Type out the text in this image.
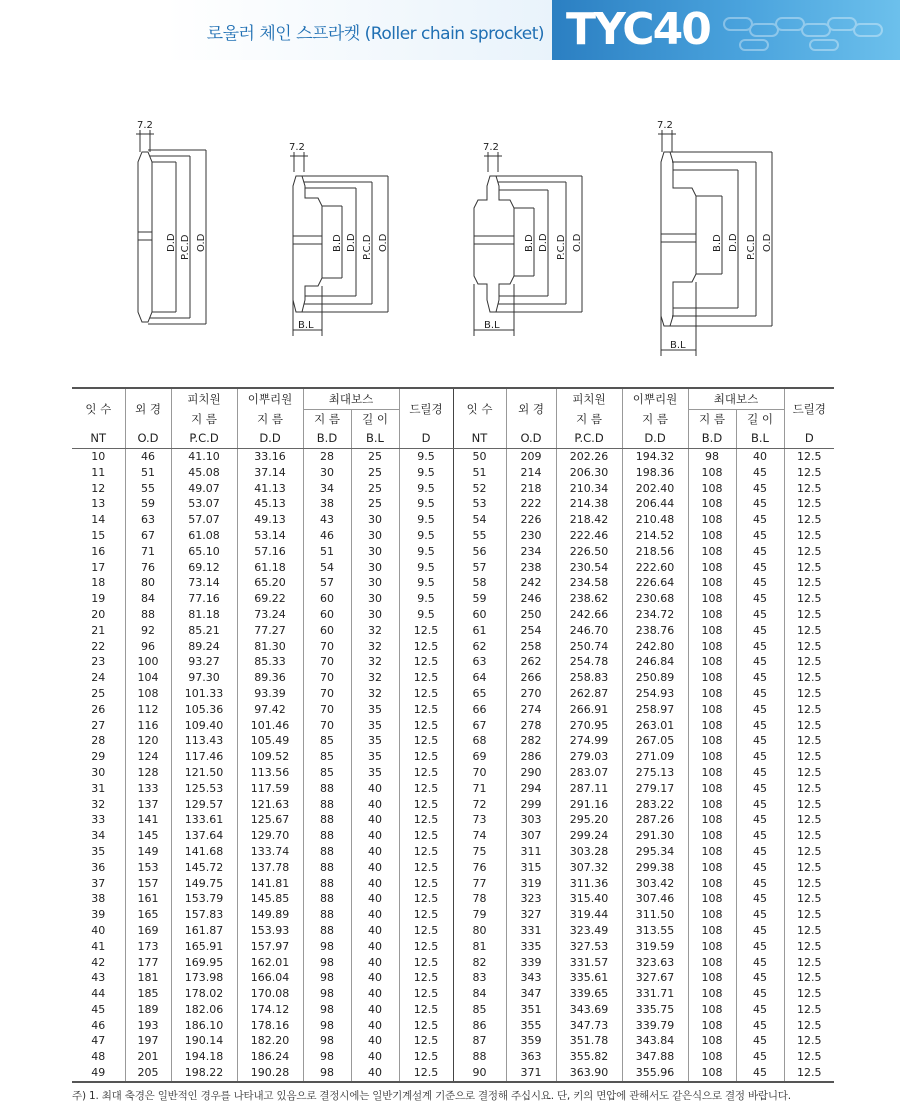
로울러 체인 스프라켓 (Roller chain sprocket) TYC40
7.2
D.D P.C.D O.D
7.2
B.D D.D P.C.D O.D
B.L
7.2
B.D D.D P.C.D O.D
B.L
7.2
B.D D.D P.C.D O.D
B.L
잇 수	외 경	피치원	이뿌리원	최대보스		드릴경	잇 수	외 경	피치원	이뿌리원	최대보스		드릴경
		지 름	지 름	지 름	길 이				지 름	지 름	지 름	길 이	
NT	O.D	P.C.D	D.D	B.D	B.L	D	NT	O.D	P.C.D	D.D	B.D	B.L	D
10	46	41.10	33.16	28	25	9.5	50	209	202.26	194.32	98	40	12.5
11	51	45.08	37.14	30	25	9.5	51	214	206.30	198.36	108	45	12.5
12	55	49.07	41.13	34	25	9.5	52	218	210.34	202.40	108	45	12.5
13	59	53.07	45.13	38	25	9.5	53	222	214.38	206.44	108	45	12.5
14	63	57.07	49.13	43	30	9.5	54	226	218.42	210.48	108	45	12.5
15	67	61.08	53.14	46	30	9.5	55	230	222.46	214.52	108	45	12.5
16	71	65.10	57.16	51	30	9.5	56	234	226.50	218.56	108	45	12.5
17	76	69.12	61.18	54	30	9.5	57	238	230.54	222.60	108	45	12.5
18	80	73.14	65.20	57	30	9.5	58	242	234.58	226.64	108	45	12.5
19	84	77.16	69.22	60	30	9.5	59	246	238.62	230.68	108	45	12.5
20	88	81.18	73.24	60	30	9.5	60	250	242.66	234.72	108	45	12.5
21	92	85.21	77.27	60	32	12.5	61	254	246.70	238.76	108	45	12.5
22	96	89.24	81.30	70	32	12.5	62	258	250.74	242.80	108	45	12.5
23	100	93.27	85.33	70	32	12.5	63	262	254.78	246.84	108	45	12.5
24	104	97.30	89.36	70	32	12.5	64	266	258.83	250.89	108	45	12.5
25	108	101.33	93.39	70	32	12.5	65	270	262.87	254.93	108	45	12.5
26	112	105.36	97.42	70	35	12.5	66	274	266.91	258.97	108	45	12.5
27	116	109.40	101.46	70	35	12.5	67	278	270.95	263.01	108	45	12.5
28	120	113.43	105.49	85	35	12.5	68	282	274.99	267.05	108	45	12.5
29	124	117.46	109.52	85	35	12.5	69	286	279.03	271.09	108	45	12.5
30	128	121.50	113.56	85	35	12.5	70	290	283.07	275.13	108	45	12.5
31	133	125.53	117.59	88	40	12.5	71	294	287.11	279.17	108	45	12.5
32	137	129.57	121.63	88	40	12.5	72	299	291.16	283.22	108	45	12.5
33	141	133.61	125.67	88	40	12.5	73	303	295.20	287.26	108	45	12.5
34	145	137.64	129.70	88	40	12.5	74	307	299.24	291.30	108	45	12.5
35	149	141.68	133.74	88	40	12.5	75	311	303.28	295.34	108	45	12.5
36	153	145.72	137.78	88	40	12.5	76	315	307.32	299.38	108	45	12.5
37	157	149.75	141.81	88	40	12.5	77	319	311.36	303.42	108	45	12.5
38	161	153.79	145.85	88	40	12.5	78	323	315.40	307.46	108	45	12.5
39	165	157.83	149.89	88	40	12.5	79	327	319.44	311.50	108	45	12.5
40	169	161.87	153.93	88	40	12.5	80	331	323.49	313.55	108	45	12.5
41	173	165.91	157.97	98	40	12.5	81	335	327.53	319.59	108	45	12.5
42	177	169.95	162.01	98	40	12.5	82	339	331.57	323.63	108	45	12.5
43	181	173.98	166.04	98	40	12.5	83	343	335.61	327.67	108	45	12.5
44	185	178.02	170.08	98	40	12.5	84	347	339.65	331.71	108	45	12.5
45	189	182.06	174.12	98	40	12.5	85	351	343.69	335.75	108	45	12.5
46	193	186.10	178.16	98	40	12.5	86	355	347.73	339.79	108	45	12.5
47	197	190.14	182.20	98	40	12.5	87	359	351.78	343.84	108	45	12.5
48	201	194.18	186.24	98	40	12.5	88	363	355.82	347.88	108	45	12.5
49	205	198.22	190.28	98	40	12.5	90	371	363.90	355.96	108	45	12.5
주) 1. 최대 축경은 일반적인 경우를 나타내고 있음으로 결정시에는 일반기계설계 기준으로 결정해 주십시요. 단, 키의 면압에 관해서도 같은식으로 결정 바랍니다.
